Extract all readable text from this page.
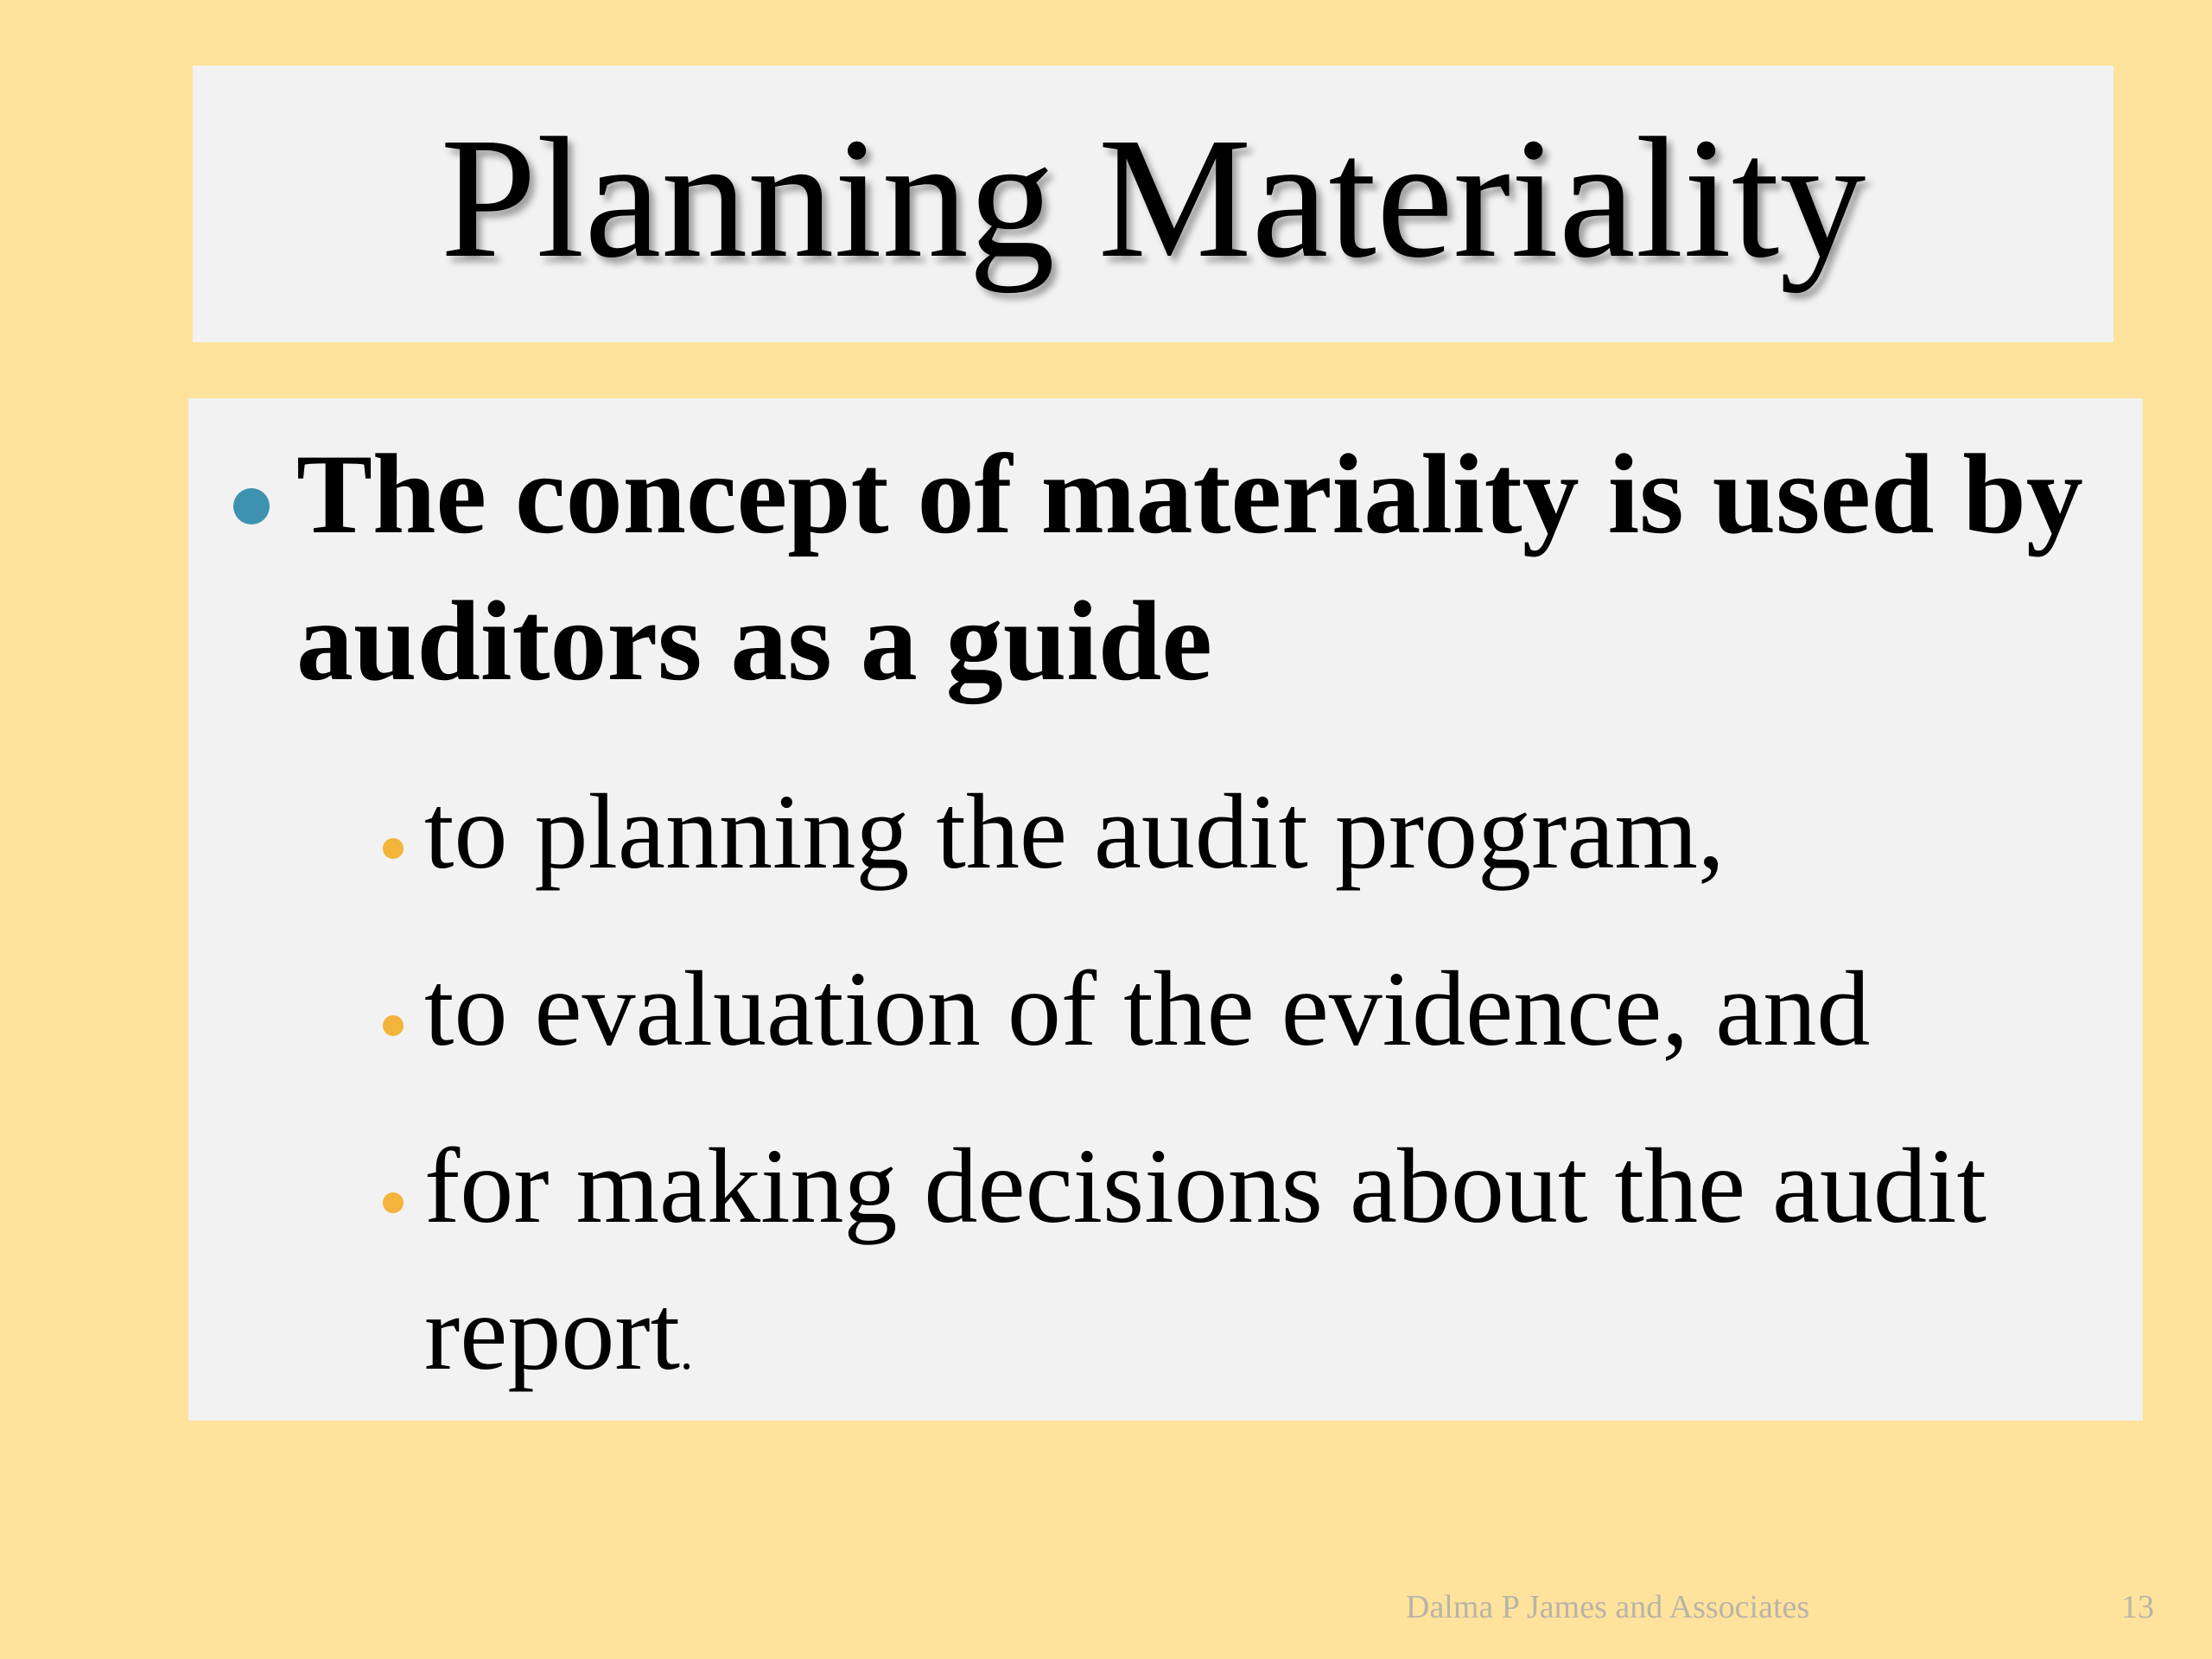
Planning Materiality
The concept of materiality is used by auditors as a guide
to planning the audit program,
to evaluation of the evidence, and
for making decisions about the audit report.
Dalma P James and Associates	13
